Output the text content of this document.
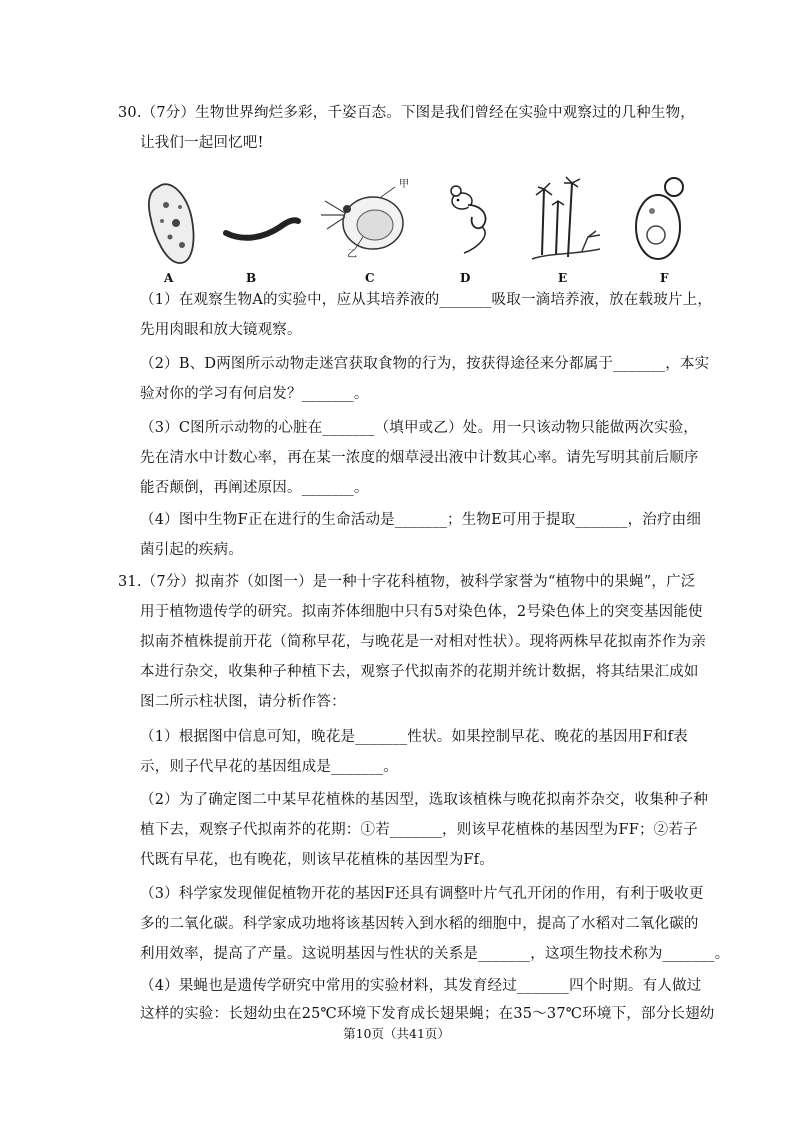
30.（7分）生物世界绚烂多彩，千姿百态。下图是我们曾经在实验中观察过的几种生物，
让我们一起回忆吧!
A	B
甲
乙
C	D	E	F
（1）在观察生物A的实验中，应从其培养液的_______吸取一滴培养液，放在载玻片上，
先用肉眼和放大镜观察。
（2）B、D两图所示动物走迷宫获取食物的行为，按获得途径来分都属于_______，本实
验对你的学习有何启发？_______。
（3）C图所示动物的心脏在_______（填甲或乙）处。用一只该动物只能做两次实验，
先在清水中计数心率，再在某一浓度的烟草浸出液中计数其心率。请先写明其前后顺序
能否颠倒，再阐述原因。_______。
（4）图中生物F正在进行的生命活动是_______；生物E可用于提取_______，治疗由细
菌引起的疾病。
31.（7分）拟南芥（如图一）是一种十字花科植物，被科学家誉为“植物中的果蝇”，广泛
用于植物遗传学的研究。拟南芥体细胞中只有5对染色体，2号染色体上的突变基因能使
拟南芥植株提前开花（简称早花，与晚花是一对相对性状）。现将两株早花拟南芥作为亲
本进行杂交，收集种子种植下去，观察子代拟南芥的花期并统计数据，将其结果汇成如
图二所示柱状图，请分析作答：
（1）根据图中信息可知，晚花是_______性状。如果控制早花、晚花的基因用F和f表
示，则子代早花的基因组成是_______。
（2）为了确定图二中某早花植株的基因型，选取该植株与晚花拟南芥杂交，收集种子种
植下去，观察子代拟南芥的花期：①若_______，则该早花植株的基因型为FF；②若子
代既有早花，也有晚花，则该早花植株的基因型为Ff。
（3）科学家发现催促植物开花的基因F还具有调整叶片气孔开闭的作用，有利于吸收更
多的二氧化碳。科学家成功地将该基因转入到水稻的细胞中，提高了水稻对二氧化碳的
利用效率，提高了产量。这说明基因与性状的关系是_______，这项生物技术称为_______。
（4）果蝇也是遗传学研究中常用的实验材料，其发育经过_______四个时期。有人做过
这样的实验：长翅幼虫在25℃环境下发育成长翅果蝇；在35～37℃环境下，部分长翅幼
第10页（共41页）
